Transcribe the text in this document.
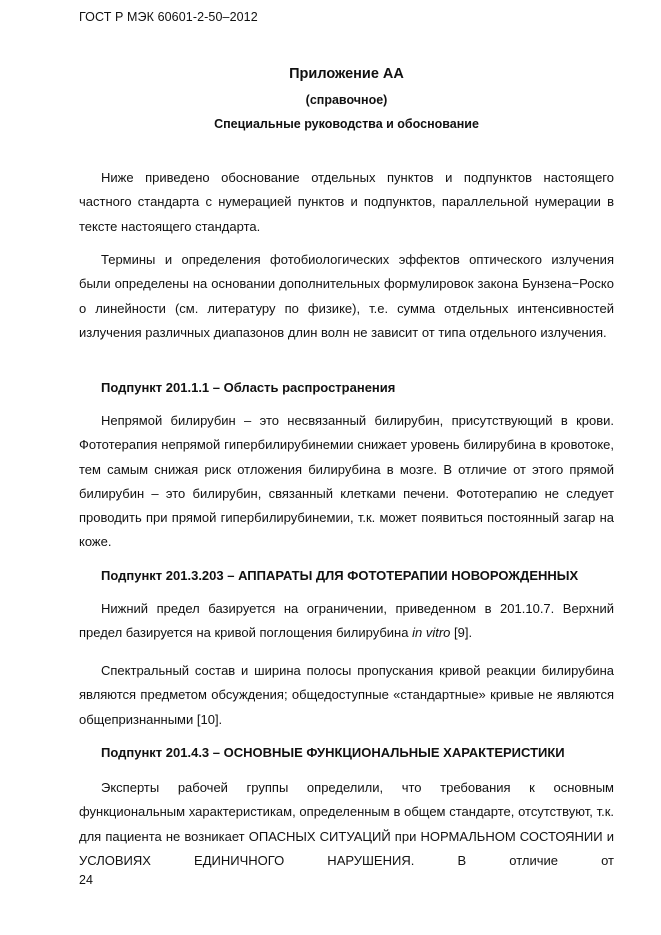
ГОСТ Р МЭК 60601-2-50–2012
Приложение АА
(справочное)
Специальные руководства и обоснование

Ниже приведено обоснование отдельных пунктов и подпунктов настоящего частного стандарта с нумерацией пунктов и подпунктов, параллельной нумерации в тексте настоящего стандарта.

Термины и определения фотобиологических эффектов оптического излучения были определены на основании дополнительных формулировок закона Бунзена−Роско о линейности (см. литературу по физике), т.е. сумма отдельных интенсивностей излучения различных диапазонов длин волн не зависит от типа отдельного излучения.

Подпункт 201.1.1 – Область распространения

Непрямой билирубин – это несвязанный билирубин, присутствующий в крови. Фототерапия непрямой гипербилирубинемии снижает уровень билирубина в кровотоке, тем самым снижая риск отложения билирубина в мозге. В отличие от этого прямой билирубин – это билирубин, связанный клетками печени. Фототерапию не следует проводить при прямой гипербилирубинемии, т.к. может появиться постоянный загар на коже.

Подпункт 201.3.203 – АППАРАТЫ ДЛЯ ФОТОТЕРАПИИ НОВОРОЖДЕННЫХ

Нижний предел базируется на ограничении, приведенном в 201.10.7. Верхний предел базируется на кривой поглощения билирубина in vitro [9].

Спектральный состав и ширина полосы пропускания кривой реакции билирубина являются предметом обсуждения; общедоступные «стандартные» кривые не являются общепризнанными [10].

Подпункт 201.4.3 – ОСНОВНЫЕ ФУНКЦИОНАЛЬНЫЕ ХАРАКТЕРИСТИКИ

Эксперты рабочей группы определили, что требования к основным функциональным характеристикам, определенным в общем стандарте, отсутствуют, т.к. для пациента не возникает ОПАСНЫХ СИТУАЦИЙ при НОРМАЛЬНОМ СОСТОЯНИИ и УСЛОВИЯХ ЕДИНИЧНОГО НАРУШЕНИЯ. В отличие от

24
